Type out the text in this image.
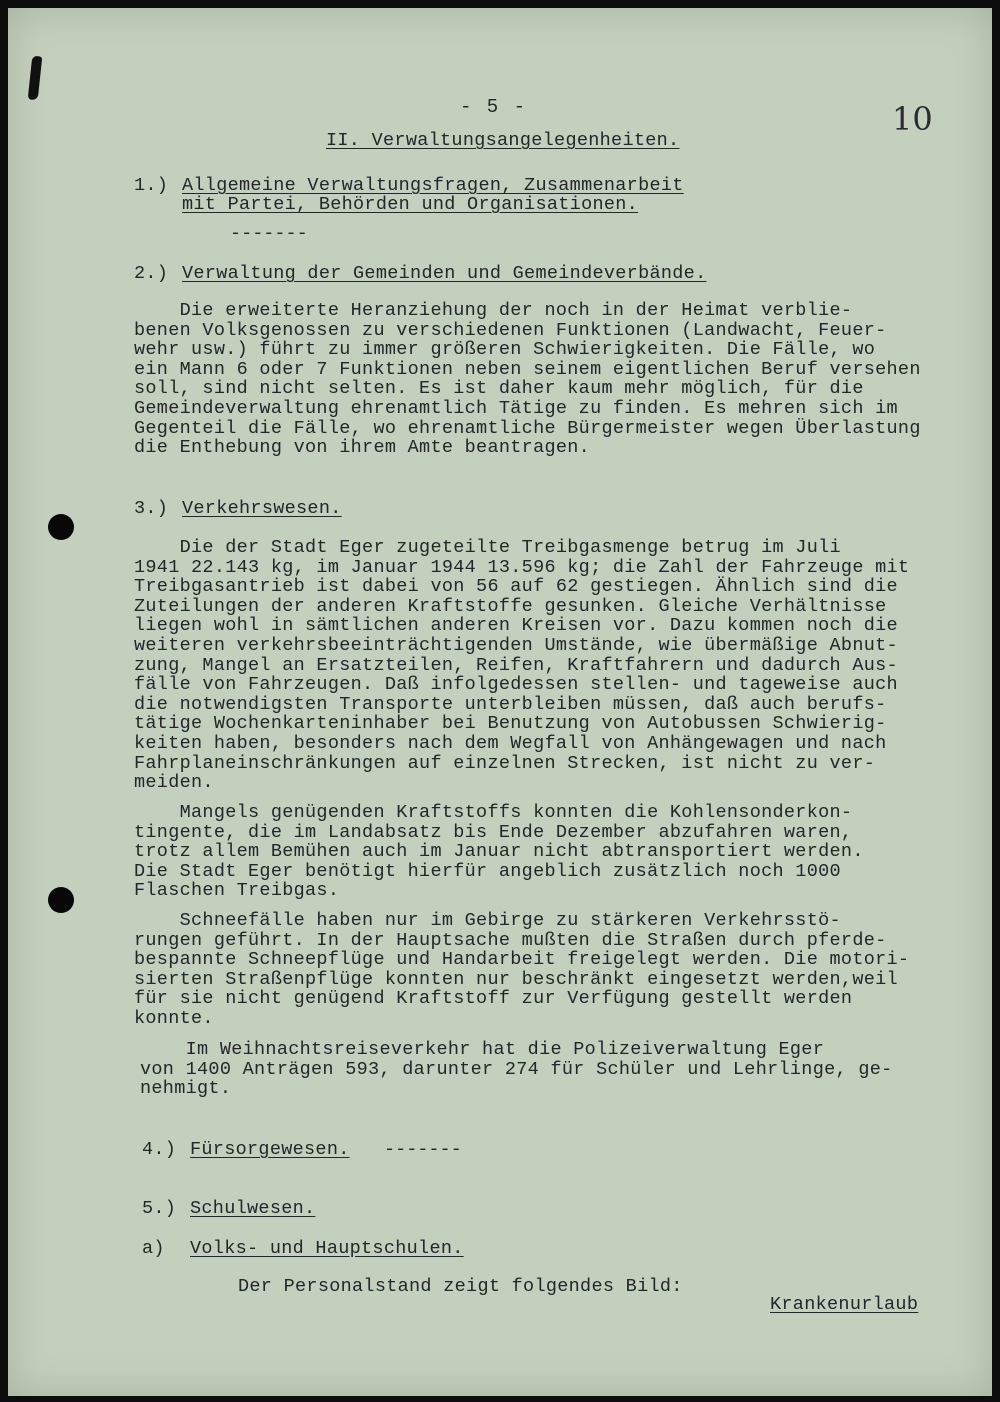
- 5 -	10
II. Verwaltungsangelegenheiten.
1.) Allgemeine Verwaltungsfragen, Zusammenarbeit
mit Partei, Behörden und Organisationen.
-------
2.) Verwaltung der Gemeinden und Gemeindeverbände.
Die erweiterte Heranziehung der noch in der Heimat verblie-
benen Volksgenossen zu verschiedenen Funktionen (Landwacht, Feuer-
wehr usw.) führt zu immer größeren Schwierigkeiten. Die Fälle, wo
ein Mann 6 oder 7 Funktionen neben seinem eigentlichen Beruf versehen
soll, sind nicht selten. Es ist daher kaum mehr möglich, für die
Gemeindeverwaltung ehrenamtlich Tätige zu finden. Es mehren sich im
Gegenteil die Fälle, wo ehrenamtliche Bürgermeister wegen Überlastung
die Enthebung von ihrem Amte beantragen.
3.) Verkehrswesen.
Die der Stadt Eger zugeteilte Treibgasmenge betrug im Juli
1941 22.143 kg, im Januar 1944 13.596 kg; die Zahl der Fahrzeuge mit
Treibgasantrieb ist dabei von 56 auf 62 gestiegen. Ähnlich sind die
Zuteilungen der anderen Kraftstoffe gesunken. Gleiche Verhältnisse
liegen wohl in sämtlichen anderen Kreisen vor. Dazu kommen noch die
weiteren verkehrsbeeinträchtigenden Umstände, wie übermäßige Abnut-
zung, Mangel an Ersatzteilen, Reifen, Kraftfahrern und dadurch Aus-
fälle von Fahrzeugen. Daß infolgedessen stellen- und tageweise auch
die notwendigsten Transporte unterbleiben müssen, daß auch berufs-
tätige Wochenkarteninhaber bei Benutzung von Autobussen Schwierig-
keiten haben, besonders nach dem Wegfall von Anhängewagen und nach
Fahrplaneinschränkungen auf einzelnen Strecken, ist nicht zu ver-
meiden.
Mangels genügenden Kraftstoffs konnten die Kohlensonderkon-
tingente, die im Landabsatz bis Ende Dezember abzufahren waren,
trotz allem Bemühen auch im Januar nicht abtransportiert werden.
Die Stadt Eger benötigt hierfür angeblich zusätzlich noch 1000
Flaschen Treibgas.
Schneefälle haben nur im Gebirge zu stärkeren Verkehrsstö-
rungen geführt. In der Hauptsache mußten die Straßen durch pferde-
bespannte Schneepflüge und Handarbeit freigelegt werden. Die motori-
sierten Straßenpflüge konnten nur beschränkt eingesetzt werden,weil
für sie nicht genügend Kraftstoff zur Verfügung gestellt werden
konnte.
Im Weihnachtsreiseverkehr hat die Polizeiverwaltung Eger
von 1400 Anträgen 593, darunter 274 für Schüler und Lehrlinge, ge-
nehmigt.
4.) Fürsorgewesen. -------
5.) Schulwesen.
a) Volks- und Hauptschulen.
Der Personalstand zeigt folgendes Bild:
Krankenurlaub
